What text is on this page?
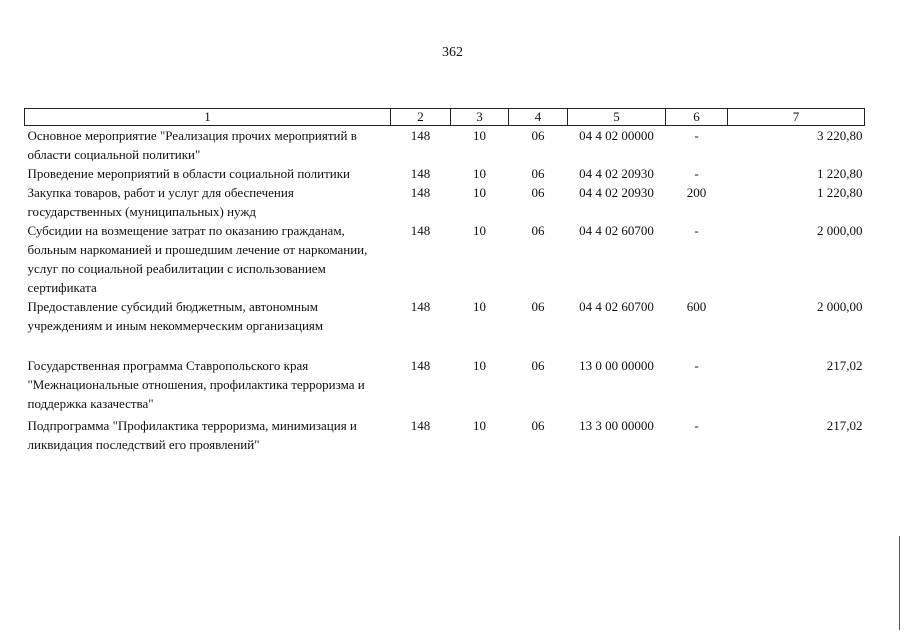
362
1	2	3	4	5	6	7
Основное мероприятие "Реализация прочих мероприятий в области социальной политики"	148	10	06	04 4 02 00000	-	3 220,80
Проведение мероприятий в области социальной политики	148	10	06	04 4 02 20930	-	1 220,80
Закупка товаров, работ и услуг для обеспечения государственных (муниципальных) нужд	148	10	06	04 4 02 20930	200	1 220,80
Субсидии на возмещение затрат по оказанию гражданам, больным наркоманией и прошедшим лечение от наркомании, услуг по социальной реабилитации с использованием сертификата	148	10	06	04 4 02 60700	-	2 000,00
Предоставление субсидий бюджетным, автономным учреждениям и иным некоммерческим организациям	148	10	06	04 4 02 60700	600	2 000,00

Государственная программа Ставропольского края "Межнациональные отношения, профилактика терроризма и поддержка казачества"	148	10	06	13 0 00 00000	-	217,02

Подпрограмма "Профилактика терроризма, минимизация и ликвидация последствий его проявлений"	148	10	06	13 3 00 00000	-	217,02
